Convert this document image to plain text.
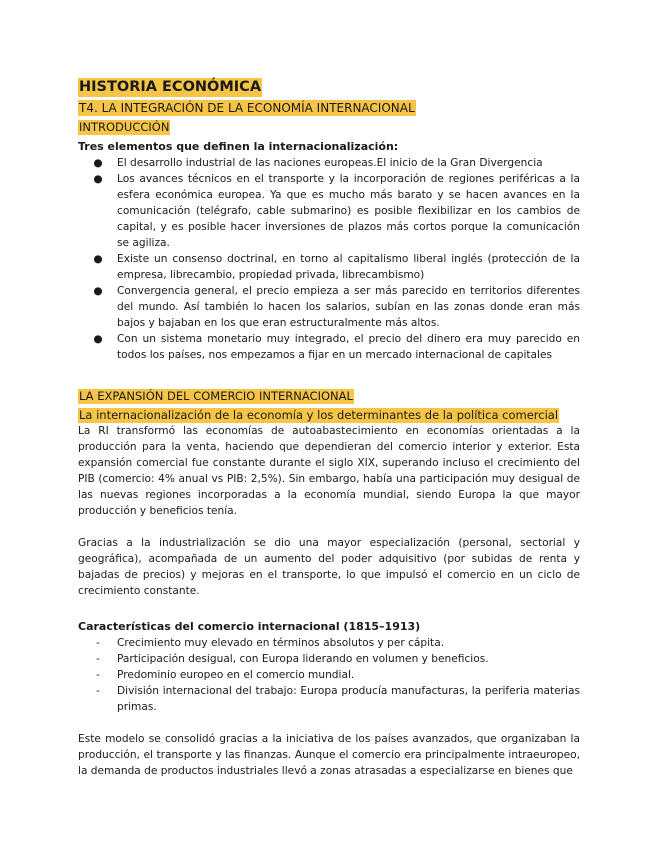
HISTORIA ECONÓMICA
T4. LA INTEGRACIÓN DE LA ECONOMÍA INTERNACIONAL
INTRODUCCIÓN
Tres elementos que definen la internacionalización:
● El desarrollo industrial de las naciones europeas.El inicio de la Gran Divergencia
● Los avances técnicos en el transporte y la incorporación de regiones periféricas a la esfera económica europea. Ya que es mucho más barato y se hacen avances en la comunicación (telégrafo, cable submarino) es posible flexibilizar en los cambios de capital, y es posible hacer inversiones de plazos más cortos porque la comunicación se agiliza.
● Existe un consenso doctrinal, en torno al capitalismo liberal inglés (protección de la empresa, librecambio, propiedad privada, librecambismo)
● Convergencia general, el precio empieza a ser más parecido en territorios diferentes del mundo. Así también lo hacen los salarios, subían en las zonas donde eran más bajos y bajaban en los que eran estructuralmente más altos.
● Con un sistema monetario muy integrado, el precio del dinero era muy parecido en todos los países, nos empezamos a fijar en un mercado internacional de capitales
LA EXPANSIÓN DEL COMERCIO INTERNACIONAL
La internacionalización de la economía y los determinantes de la política comercial

La RI transformó las economías de autoabastecimiento en economías orientadas a la producción para la venta, haciendo que dependieran del comercio interior y exterior. Esta expansión comercial fue constante durante el siglo XIX, superando incluso el crecimiento del PIB (comercio: 4% anual vs PIB: 2,5%). Sin embargo, había una participación muy desigual de las nuevas regiones incorporadas a la economía mundial, siendo Europa la que mayor producción y beneficios tenía.

Gracias a la industrialización se dio una mayor especialización (personal, sectorial y geográfica), acompañada de un aumento del poder adquisitivo (por subidas de renta y bajadas de precios) y mejoras en el transporte, lo que impulsó el comercio en un ciclo de crecimiento constante.

Características del comercio internacional (1815–1913)
-	Crecimiento muy elevado en términos absolutos y per cápita.
-	Participación desigual, con Europa liderando en volumen y beneficios.
-	Predominio europeo en el comercio mundial.
-	División internacional del trabajo: Europa producía manufacturas, la periferia materias primas.

Este modelo se consolidó gracias a la iniciativa de los países avanzados, que organizaban la producción, el transporte y las finanzas. Aunque el comercio era principalmente intraeuropeo, la demanda de productos industriales llevó a zonas atrasadas a especializarse en bienes que
